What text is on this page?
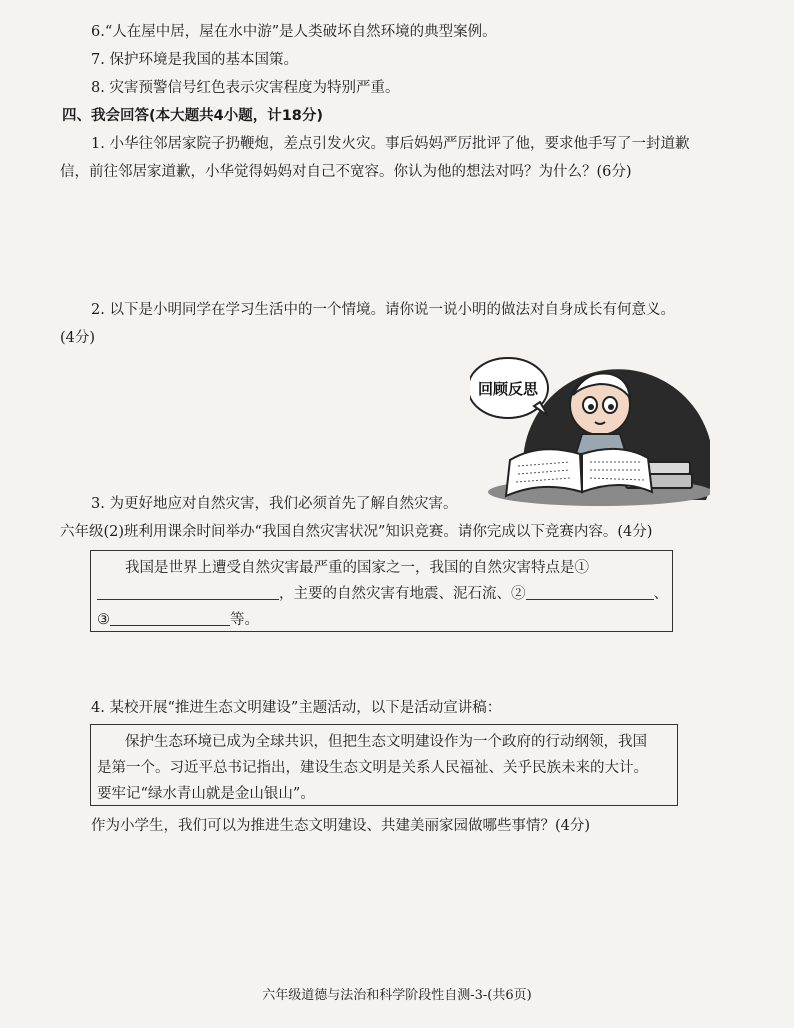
6.“人在屋中居，屋在水中游”是人类破坏自然环境的典型案例。
7. 保护环境是我国的基本国策。
8. 灾害预警信号红色表示灾害程度为特别严重。
四、我会回答(本大题共4小题，计18分)
1. 小华往邻居家院子扔鞭炮，差点引发火灾。事后妈妈严厉批评了他，要求他手写了一封道歉
信，前往邻居家道歉，小华觉得妈妈对自己不宽容。你认为他的想法对吗？为什么？(6分)
2. 以下是小明同学在学习生活中的一个情境。请你说一说小明的做法对自身成长有何意义。
(4分)
回顾反思
3. 为更好地应对自然灾害，我们必须首先了解自然灾害。
六年级(2)班利用课余时间举办“我国自然灾害状况”知识竞赛。请你完成以下竞赛内容。(4分)

我国是世界上遭受自然灾害最严重的国家之一，我国的自然灾害特点是①

，主要的自然灾害有地震、泥石流、②	、

③	等。

4. 某校开展“推进生态文明建设”主题活动，以下是活动宣讲稿：

保护生态环境已成为全球共识，但把生态文明建设作为一个政府的行动纲领，我国

是第一个。习近平总书记指出，建设生态文明是关系人民福祉、关乎民族未来的大计。

要牢记“绿水青山就是金山银山”。

作为小学生，我们可以为推进生态文明建设、共建美丽家园做哪些事情？(4分)
六年级道德与法治和科学阶段性自测-3-(共6页)
